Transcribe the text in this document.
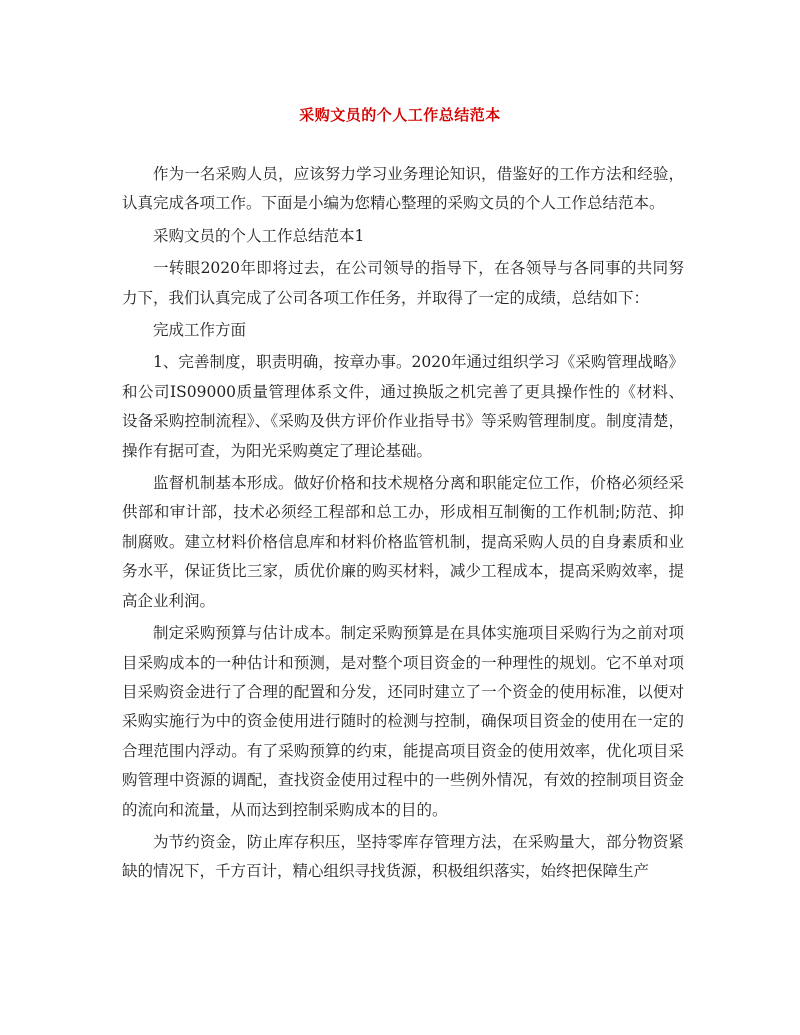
采购文员的个人工作总结范本

作为一名采购人员，应该努力学习业务理论知识，借鉴好的工作方法和经验，认真完成各项工作。下面是小编为您精心整理的采购文员的个人工作总结范本。

采购文员的个人工作总结范本1

一转眼2020年即将过去，在公司领导的指导下，在各领导与各同事的共同努力下，我们认真完成了公司各项工作任务，并取得了一定的成绩，总结如下：

完成工作方面

1、完善制度，职责明确，按章办事。2020年通过组织学习《采购管理战略》和公司IS09000质量管理体系文件，通过换版之机完善了更具操作性的《材料、设备采购控制流程》、《采购及供方评价作业指导书》等采购管理制度。制度清楚，操作有据可查，为阳光采购奠定了理论基础。

监督机制基本形成。做好价格和技术规格分离和职能定位工作，价格必须经采供部和审计部，技术必须经工程部和总工办，形成相互制衡的工作机制;防范、抑制腐败。建立材料价格信息库和材料价格监管机制，提高采购人员的自身素质和业务水平，保证货比三家，质优价廉的购买材料，减少工程成本，提高采购效率，提高企业利润。

制定采购预算与估计成本。制定采购预算是在具体实施项目采购行为之前对项目采购成本的一种估计和预测，是对整个项目资金的一种理性的规划。它不单对项目采购资金进行了合理的配置和分发，还同时建立了一个资金的使用标准，以便对采购实施行为中的资金使用进行随时的检测与控制，确保项目资金的使用在一定的合理范围内浮动。有了采购预算的约束，能提高项目资金的使用效率，优化项目采购管理中资源的调配，查找资金使用过程中的一些例外情况，有效的控制项目资金的流向和流量，从而达到控制采购成本的目的。

为节约资金，防止库存积压，坚持零库存管理方法，在采购量大，部分物资紧缺的情况下，千方百计，精心组织寻找货源，积极组织落实，始终把保障生产
